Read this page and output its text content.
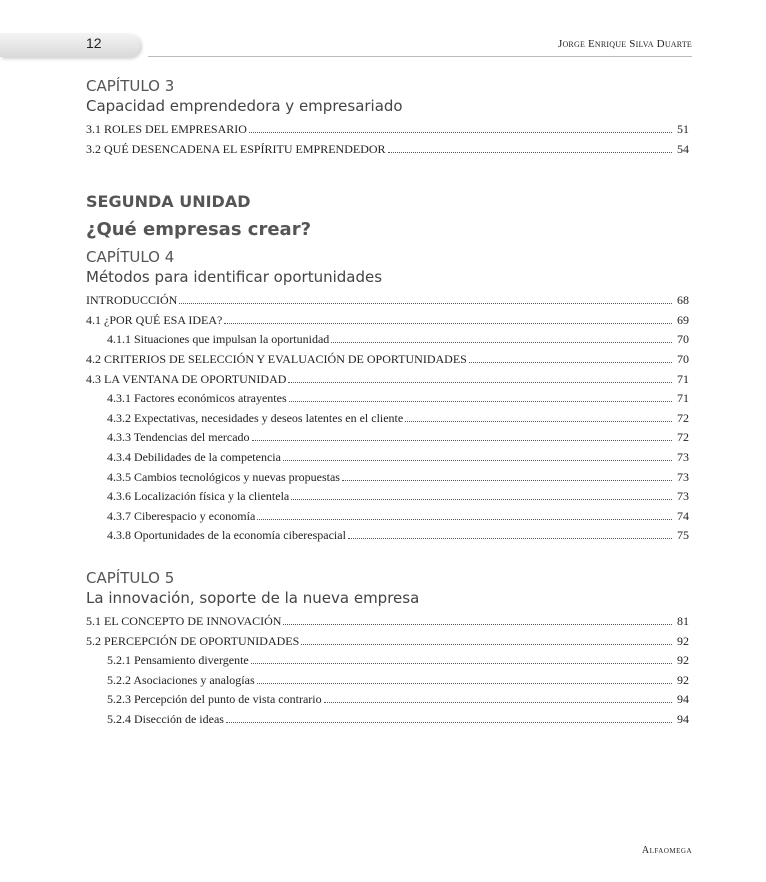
12	Jorge Enrique Silva Duarte
CAPÍTULO 3
Capacidad emprendedora y empresariado
3.1 ROLES DEL EMPRESARIO	51
3.2 QUÉ DESENCADENA EL ESPÍRITU EMPRENDEDOR	54
SEGUNDA UNIDAD
¿Qué empresas crear?
CAPÍTULO 4
Métodos para identificar oportunidades
INTRODUCCIÓN	68
4.1 ¿POR QUÉ ESA IDEA?	69
4.1.1 Situaciones que impulsan la oportunidad	70
4.2 CRITERIOS DE SELECCIÓN Y EVALUACIÓN DE OPORTUNIDADES	70
4.3 LA VENTANA DE OPORTUNIDAD	71
4.3.1 Factores económicos atrayentes	71
4.3.2 Expectativas, necesidades y deseos latentes en el cliente	72
4.3.3 Tendencias del mercado	72
4.3.4 Debilidades de la competencia	73
4.3.5 Cambios tecnológicos y nuevas propuestas	73
4.3.6 Localización física y la clientela	73
4.3.7 Ciberespacio y economía	74
4.3.8 Oportunidades de la economía ciberespacial	75
CAPÍTULO 5
La innovación, soporte de la nueva empresa
5.1 EL CONCEPTO DE INNOVACIÓN	81
5.2 PERCEPCIÓN DE OPORTUNIDADES	92
5.2.1 Pensamiento divergente	92
5.2.2 Asociaciones y analogías	92
5.2.3 Percepción del punto de vista contrario	94
5.2.4 Disección de ideas	94
Alfaomega
